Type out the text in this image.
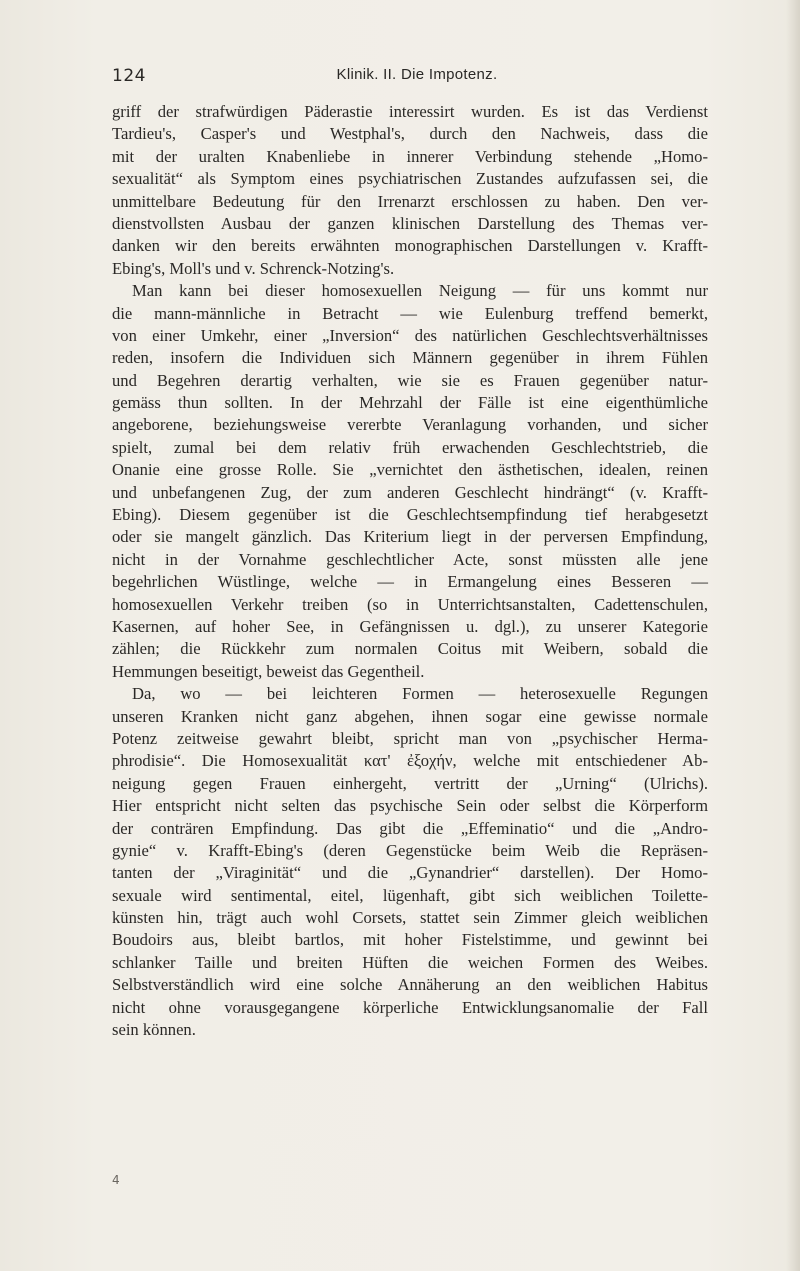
124	Klinik. II. Die Impotenz.
griff der strafwürdigen Päderastie interessirt wurden. Es ist das Verdienst
Tardieu's, Casper's und Westphal's, durch den Nachweis, dass die
mit der uralten Knabenliebe in innerer Verbindung stehende „Homo-
sexualität“ als Symptom eines psychiatrischen Zustandes aufzufassen sei, die
unmittelbare Bedeutung für den Irrenarzt erschlossen zu haben. Den ver-
dienstvollsten Ausbau der ganzen klinischen Darstellung des Themas ver-
danken wir den bereits erwähnten monographischen Darstellungen v. Krafft-
Ebing's, Moll's und v. Schrenck-Notzing's.
Man kann bei dieser homosexuellen Neigung — für uns kommt nur
die mann-männliche in Betracht — wie Eulenburg treffend bemerkt,
von einer Umkehr, einer „Inversion“ des natürlichen Geschlechtsverhältnisses
reden, insofern die Individuen sich Männern gegenüber in ihrem Fühlen
und Begehren derartig verhalten, wie sie es Frauen gegenüber natur-
gemäss thun sollten. In der Mehrzahl der Fälle ist eine eigenthümliche
angeborene, beziehungsweise vererbte Veranlagung vorhanden, und sicher
spielt, zumal bei dem relativ früh erwachenden Geschlechtstrieb, die
Onanie eine grosse Rolle. Sie „vernichtet den ästhetischen, idealen, reinen
und unbefangenen Zug, der zum anderen Geschlecht hindrängt“ (v. Krafft-
Ebing). Diesem gegenüber ist die Geschlechtsempfindung tief herabgesetzt
oder sie mangelt gänzlich. Das Kriterium liegt in der perversen Empfindung,
nicht in der Vornahme geschlechtlicher Acte, sonst müssten alle jene
begehrlichen Wüstlinge, welche — in Ermangelung eines Besseren —
homosexuellen Verkehr treiben (so in Unterrichtsanstalten, Cadettenschulen,
Kasernen, auf hoher See, in Gefängnissen u. dgl.), zu unserer Kategorie
zählen; die Rückkehr zum normalen Coitus mit Weibern, sobald die
Hemmungen beseitigt, beweist das Gegentheil.
Da, wo — bei leichteren Formen — heterosexuelle Regungen
unseren Kranken nicht ganz abgehen, ihnen sogar eine gewisse normale
Potenz zeitweise gewahrt bleibt, spricht man von „psychischer Herma-
phrodisie“. Die Homosexualität κατ' ἐξοχήν, welche mit entschiedener Ab-
neigung gegen Frauen einhergeht, vertritt der „Urning“ (Ulrichs).
Hier entspricht nicht selten das psychische Sein oder selbst die Körperform
der conträren Empfindung. Das gibt die „Effeminatio“ und die „Andro-
gynie“ v. Krafft-Ebing's (deren Gegenstücke beim Weib die Repräsen-
tanten der „Viraginität“ und die „Gynandrier“ darstellen). Der Homo-
sexuale wird sentimental, eitel, lügenhaft, gibt sich weiblichen Toilette-
künsten hin, trägt auch wohl Corsets, stattet sein Zimmer gleich weiblichen
Boudoirs aus, bleibt bartlos, mit hoher Fistelstimme, und gewinnt bei
schlanker Taille und breiten Hüften die weichen Formen des Weibes.
Selbstverständlich wird eine solche Annäherung an den weiblichen Habitus
nicht ohne vorausgegangene körperliche Entwicklungsanomalie der Fall
sein können.
4
